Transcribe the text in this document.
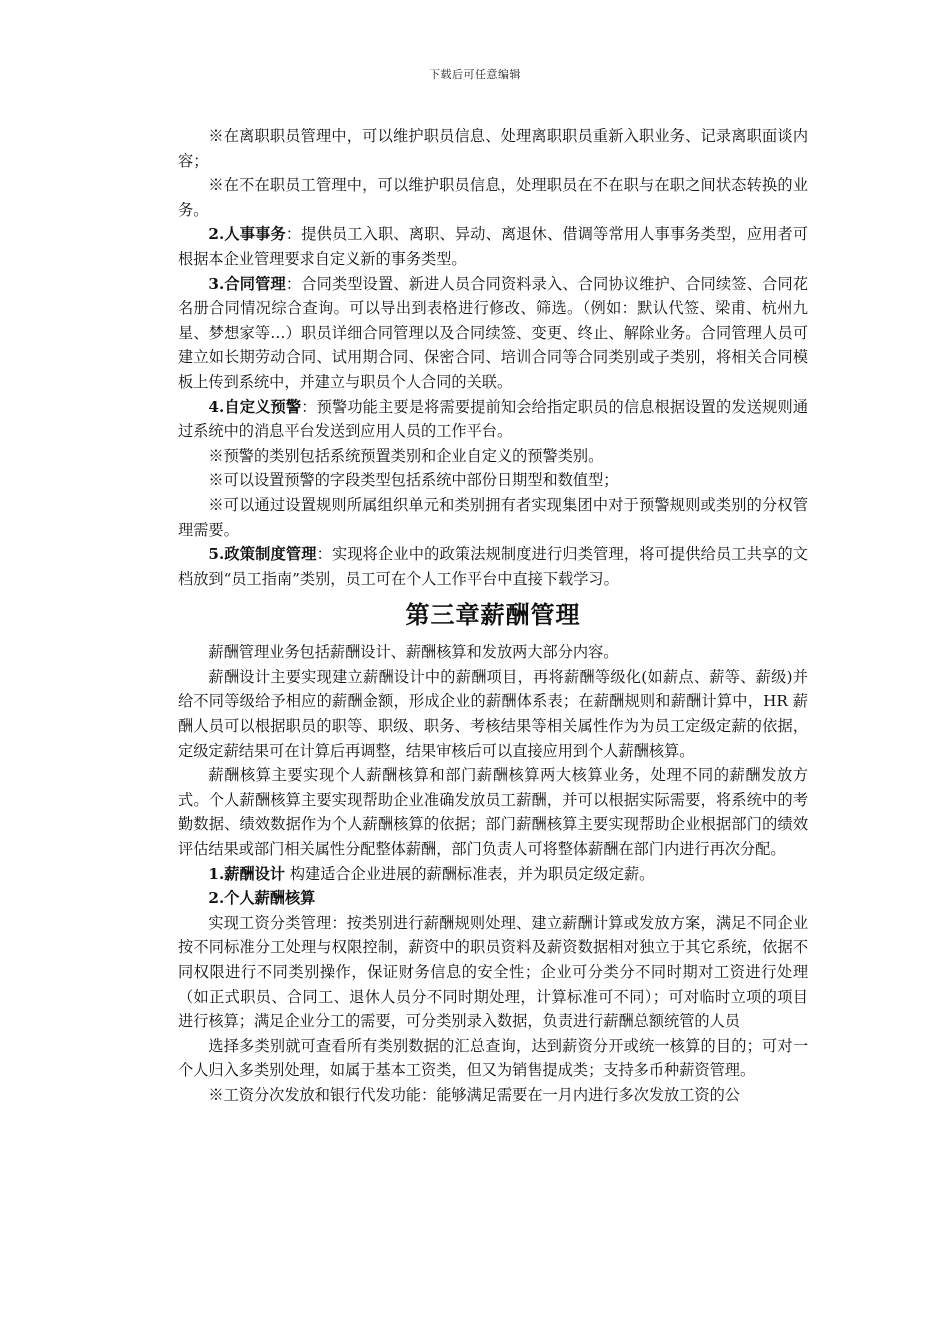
下载后可任意编辑

※在离职职员管理中，可以维护职员信息、处理离职职员重新入职业务、记录离职面谈内容；

※在不在职员工管理中，可以维护职员信息，处理职员在不在职与在职之间状态转换的业务。

2.人事事务：提供员工入职、离职、异动、离退休、借调等常用人事事务类型，应用者可根据本企业管理要求自定义新的事务类型。

3.合同管理：合同类型设置、新进人员合同资料录入、合同协议维护、合同续签、合同花名册合同情况综合查询。可以导出到表格进行修改、筛选。（例如：默认代签、梁甫、杭州九星、梦想家等…）职员详细合同管理以及合同续签、变更、终止、解除业务。合同管理人员可建立如长期劳动合同、试用期合同、保密合同、培训合同等合同类别或子类别，将相关合同模板上传到系统中，并建立与职员个人合同的关联。

4.自定义预警：预警功能主要是将需要提前知会给指定职员的信息根据设置的发送规则通过系统中的消息平台发送到应用人员的工作平台。

※预警的类别包括系统预置类别和企业自定义的预警类别。

※可以设置预警的字段类型包括系统中部份日期型和数值型；

※可以通过设置规则所属组织单元和类别拥有者实现集团中对于预警规则或类别的分权管理需要。

5.政策制度管理：实现将企业中的政策法规制度进行归类管理，将可提供给员工共享的文档放到“员工指南”类别，员工可在个人工作平台中直接下载学习。

第三章薪酬管理

薪酬管理业务包括薪酬设计、薪酬核算和发放两大部分内容。

薪酬设计主要实现建立薪酬设计中的薪酬项目，再将薪酬等级化(如薪点、薪等、薪级)并给不同等级给予相应的薪酬金额，形成企业的薪酬体系表；在薪酬规则和薪酬计算中，HR 薪酬人员可以根据职员的职等、职级、职务、考核结果等相关属性作为为员工定级定薪的依据，定级定薪结果可在计算后再调整，结果审核后可以直接应用到个人薪酬核算。

薪酬核算主要实现个人薪酬核算和部门薪酬核算两大核算业务，处理不同的薪酬发放方式。个人薪酬核算主要实现帮助企业准确发放员工薪酬，并可以根据实际需要，将系统中的考勤数据、绩效数据作为个人薪酬核算的依据；部门薪酬核算主要实现帮助企业根据部门的绩效评估结果或部门相关属性分配整体薪酬，部门负责人可将整体薪酬在部门内进行再次分配。

1.薪酬设计 构建适合企业进展的薪酬标准表，并为职员定级定薪。

2.个人薪酬核算

实现工资分类管理：按类别进行薪酬规则处理、建立薪酬计算或发放方案，满足不同企业按不同标准分工处理与权限控制，薪资中的职员资料及薪资数据相对独立于其它系统，依据不同权限进行不同类别操作，保证财务信息的安全性；企业可分类分不同时期对工资进行处理（如正式职员、合同工、退休人员分不同时期处理，计算标准可不同）；可对临时立项的项目进行核算；满足企业分工的需要，可分类别录入数据，负责进行薪酬总额统管的人员

选择多类别就可查看所有类别数据的汇总查询，达到薪资分开或统一核算的目的；可对一个人归入多类别处理，如属于基本工资类，但又为销售提成类；支持多币种薪资管理。

※工资分次发放和银行代发功能：能够满足需要在一月内进行多次发放工资的公
